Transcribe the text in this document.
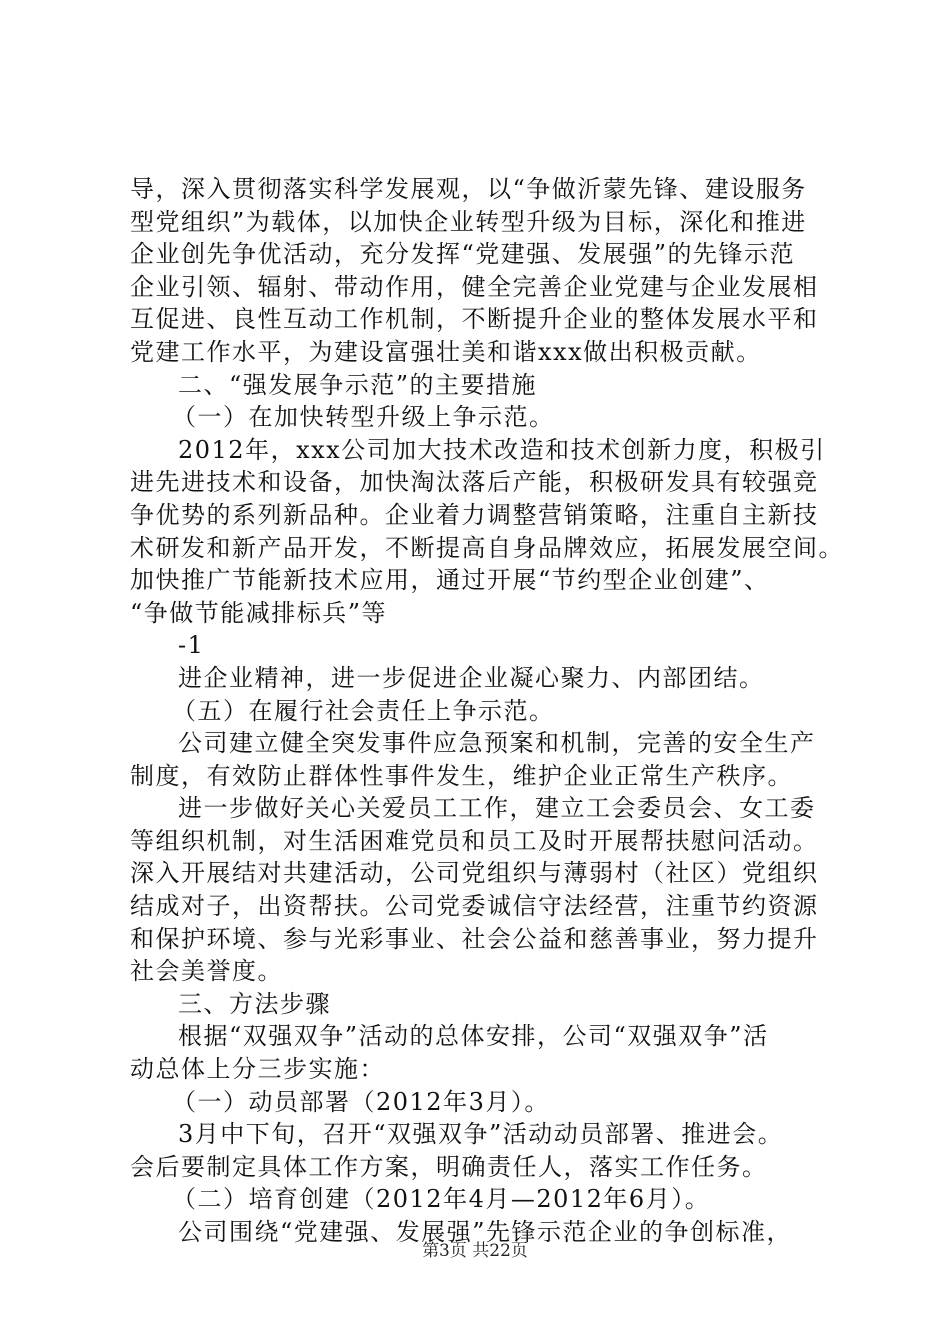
导，深入贯彻落实科学发展观，以“争做沂蒙先锋、建设服务
型党组织”为载体，以加快企业转型升级为目标，深化和推进
企业创先争优活动，充分发挥“党建强、发展强”的先锋示范
企业引领、辐射、带动作用，健全完善企业党建与企业发展相
互促进、良性互动工作机制，不断提升企业的整体发展水平和
党建工作水平，为建设富强壮美和谐xxx做出积极贡献。
二、“强发展争示范”的主要措施
（一）在加快转型升级上争示范。
2012年，xxx公司加大技术改造和技术创新力度，积极引
进先进技术和设备，加快淘汰落后产能，积极研发具有较强竞
争优势的系列新品种。企业着力调整营销策略，注重自主新技
术研发和新产品开发，不断提高自身品牌效应，拓展发展空间。
加快推广节能新技术应用，通过开展“节约型企业创建”、
“争做节能减排标兵”等
-1
进企业精神，进一步促进企业凝心聚力、内部团结。
（五）在履行社会责任上争示范。
公司建立健全突发事件应急预案和机制，完善的安全生产
制度，有效防止群体性事件发生，维护企业正常生产秩序。
进一步做好关心关爱员工工作，建立工会委员会、女工委
等组织机制，对生活困难党员和员工及时开展帮扶慰问活动。
深入开展结对共建活动，公司党组织与薄弱村（社区）党组织
结成对子，出资帮扶。公司党委诚信守法经营，注重节约资源
和保护环境、参与光彩事业、社会公益和慈善事业，努力提升
社会美誉度。
三、方法步骤
根据“双强双争”活动的总体安排，公司“双强双争”活
动总体上分三步实施：
（一）动员部署（2012年3月）。
3月中下旬，召开“双强双争”活动动员部署、推进会。
会后要制定具体工作方案，明确责任人，落实工作任务。
（二）培育创建（2012年4月—2012年6月）。
公司围绕“党建强、发展强”先锋示范企业的争创标准，
第3页 共22页
